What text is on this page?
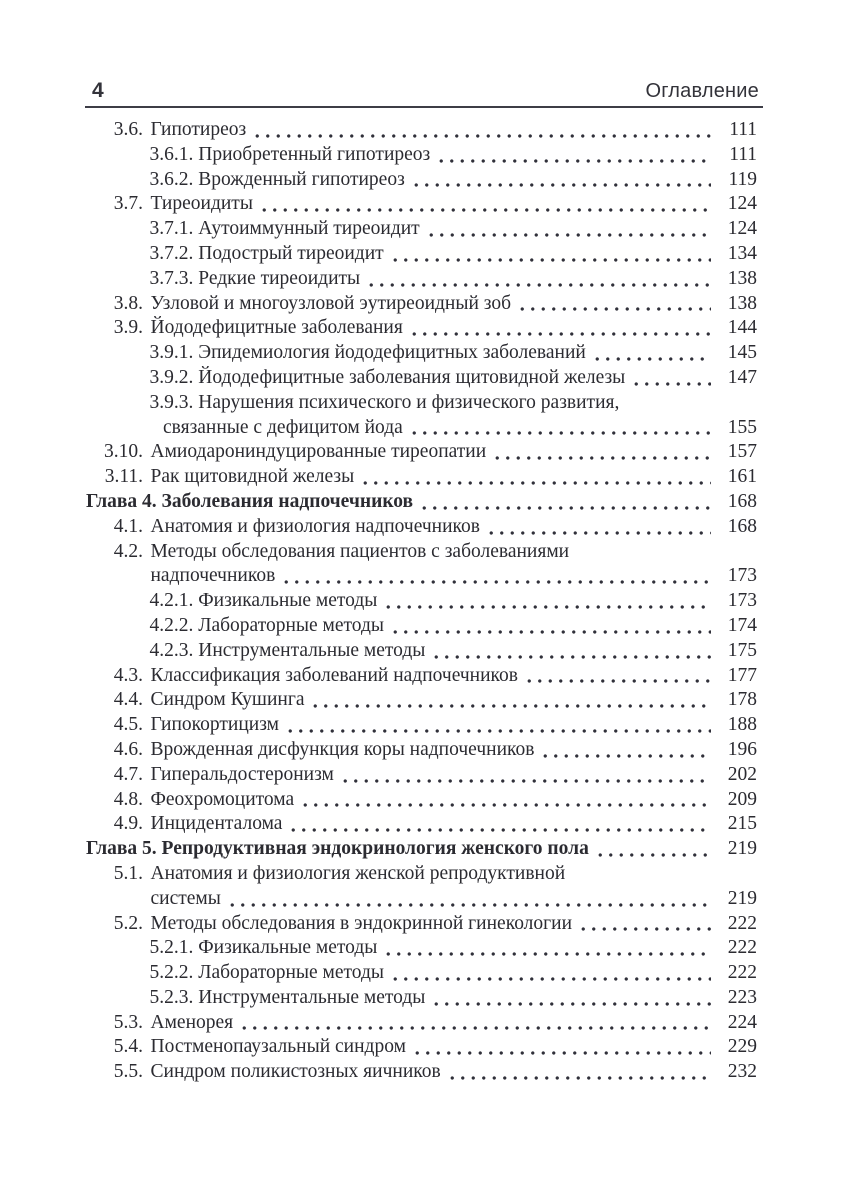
4	Оглавление
3.6. Гипотиреоз	111
3.6.1. Приобретенный гипотиреоз	111
3.6.2. Врожденный гипотиреоз	119
3.7. Тиреоидиты	124
3.7.1. Аутоиммунный тиреоидит	124
3.7.2. Подострый тиреоидит	134
3.7.3. Редкие тиреоидиты	138
3.8. Узловой и многоузловой эутиреоидный зоб	138
3.9. Йододефицитные заболевания	144
3.9.1. Эпидемиология йододефицитных заболеваний	145
3.9.2. Йододефицитные заболевания щитовидной железы	147
3.9.3. Нарушения психического и физического развития,
связанные с дефицитом йода	155
3.10. Амиодарониндуцированные тиреопатии	157
3.11. Рак щитовидной железы	161
Глава 4. Заболевания надпочечников	168
4.1. Анатомия и физиология надпочечников	168
4.2. Методы обследования пациентов с заболеваниями
надпочечников	173
4.2.1. Физикальные методы	173
4.2.2. Лабораторные методы	174
4.2.3. Инструментальные методы	175
4.3. Классификация заболеваний надпочечников	177
4.4. Синдром Кушинга	178
4.5. Гипокортицизм	188
4.6. Врожденная дисфункция коры надпочечников	196
4.7. Гиперальдостеронизм	202
4.8. Феохромоцитома	209
4.9. Инциденталома	215
Глава 5. Репродуктивная эндокринология женского пола	219
5.1. Анатомия и физиология женской репродуктивной
системы	219
5.2. Методы обследования в эндокринной гинекологии	222
5.2.1. Физикальные методы	222
5.2.2. Лабораторные методы	222
5.2.3. Инструментальные методы	223
5.3. Аменорея	224
5.4. Постменопаузальный синдром	229
5.5. Синдром поликистозных яичников	232
